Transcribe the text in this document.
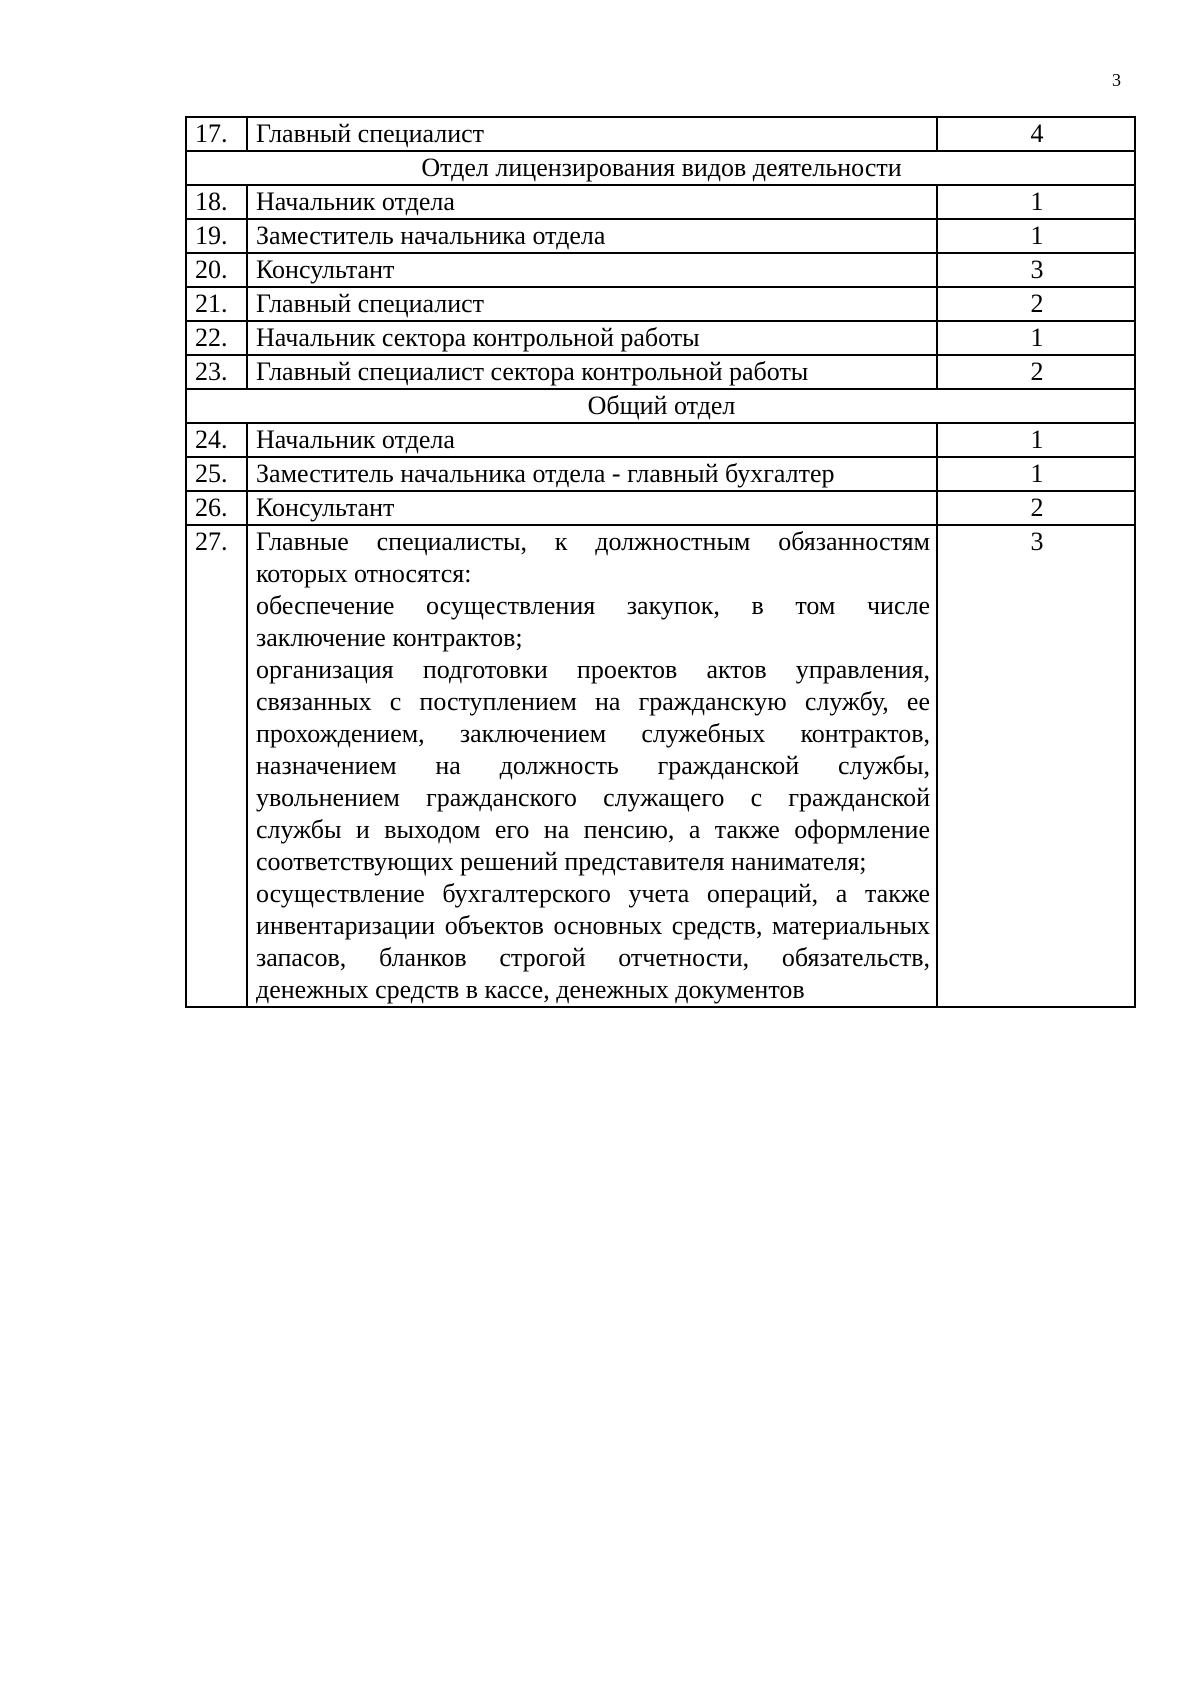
3
17.	Главный специалист	4
Отдел лицензирования видов деятельности		
18.	Начальник отдела	1
19.	Заместитель начальника отдела	1
20.	Консультант	3
21.	Главный специалист	2
22.	Начальник сектора контрольной работы	1
23.	Главный специалист сектора контрольной работы	2
Общий отдел		
24.	Начальник отдела	1
25.	Заместитель начальника отдела - главный бухгалтер	1
26.	Консультант	2
27.	Главные специалисты, к должностным обязанностям которых относятся:
обеспечение осуществления закупок, в том числе заключение контрактов;
организация подготовки проектов актов управления, связанных с поступлением на гражданскую службу, ее прохождением, заключением служебных контрактов, назначением на должность гражданской службы, увольнением гражданского служащего с гражданской службы и выходом его на пенсию, а также оформление соответствующих решений представителя нанимателя;
осуществление бухгалтерского учета операций, а также инвентаризации объектов основных средств, материальных запасов, бланков строгой отчетности, обязательств, денежных средств в кассе, денежных документов	3
